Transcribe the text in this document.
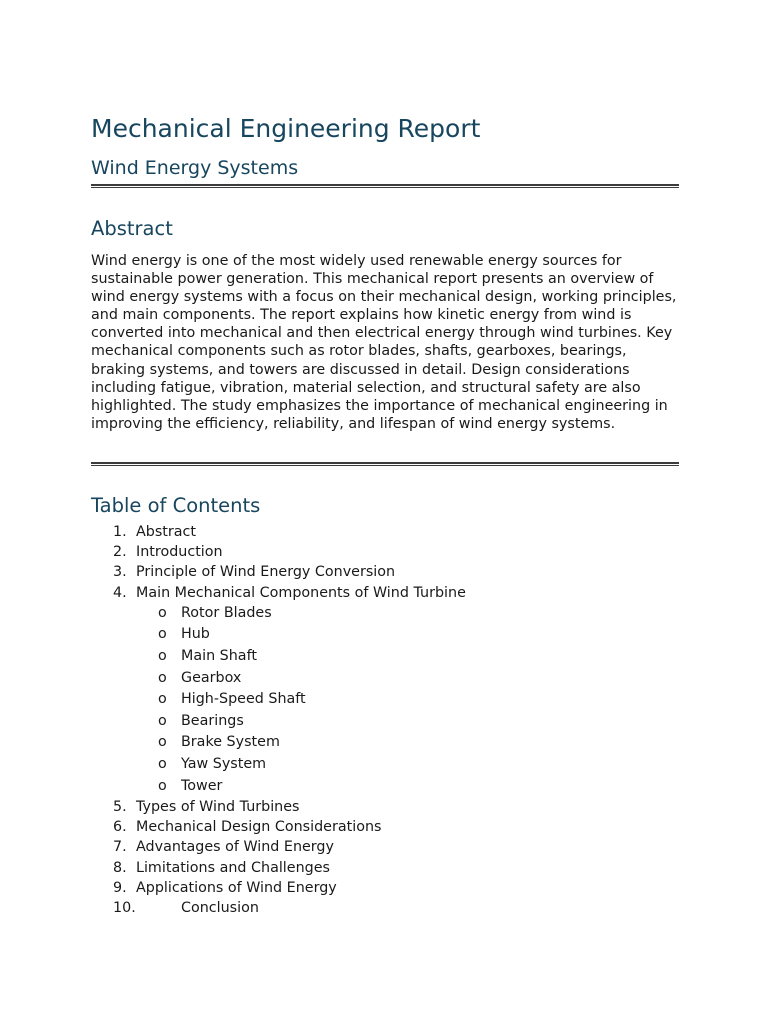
Mechanical Engineering Report
Wind Energy Systems
Abstract

Wind energy is one of the most widely used renewable energy sources for sustainable power generation. This mechanical report presents an overview of wind energy systems with a focus on their mechanical design, working principles, and main components. The report explains how kinetic energy from wind is converted into mechanical and then electrical energy through wind turbines. Key mechanical components such as rotor blades, shafts, gearboxes, bearings, braking systems, and towers are discussed in detail. Design considerations including fatigue, vibration, material selection, and structural safety are also highlighted. The study emphasizes the importance of mechanical engineering in improving the efficiency, reliability, and lifespan of wind energy systems.

Table of Contents
1. Abstract
2. Introduction
3. Principle of Wind Energy Conversion
4. Main Mechanical Components of Wind Turbine
o Rotor Blades
o Hub
o Main Shaft
o Gearbox
o High-Speed Shaft
o Bearings
o Brake System
o Yaw System
o Tower
5. Types of Wind Turbines
6. Mechanical Design Considerations
7. Advantages of Wind Energy
8. Limitations and Challenges
9. Applications of Wind Energy
10.	Conclusion
